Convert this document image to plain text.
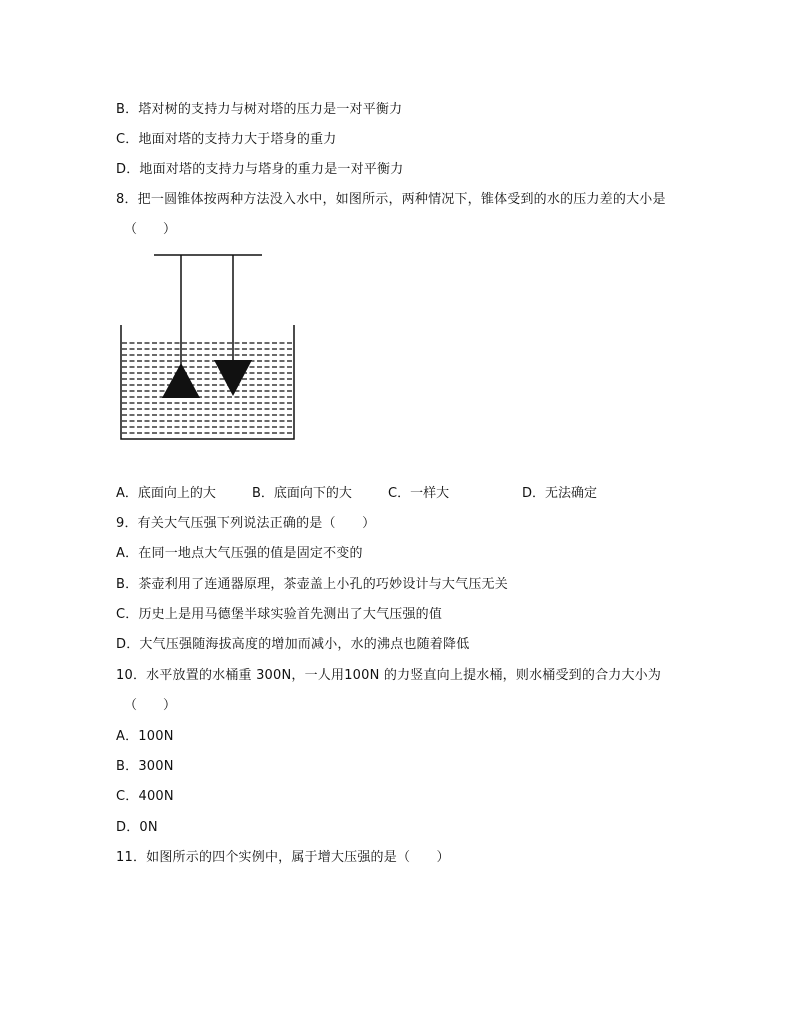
B．塔对树的支持力与树对塔的压力是一对平衡力
C．地面对塔的支持力大于塔身的重力
D．地面对塔的支持力与塔身的重力是一对平衡力
8．把一圆锥体按两种方法没入水中，如图所示，两种情况下，锥体受到的水的压力差的大小是
（　　）
A．底面向上的大	B．底面向下的大	C．一样大	D．无法确定
9．有关大气压强下列说法正确的是（　　）
A．在同一地点大气压强的值是固定不变的
B．茶壶利用了连通器原理，茶壶盖上小孔的巧妙设计与大气压无关
C．历史上是用马德堡半球实验首先测出了大气压强的值
D．大气压强随海拔高度的增加而减小，水的沸点也随着降低
10．水平放置的水桶重 300N，一人用100N 的力竖直向上提水桶，则水桶受到的合力大小为
（　　）
A．100N
B．300N
C．400N
D．0N
11．如图所示的四个实例中，属于增大压强的是（　　）
